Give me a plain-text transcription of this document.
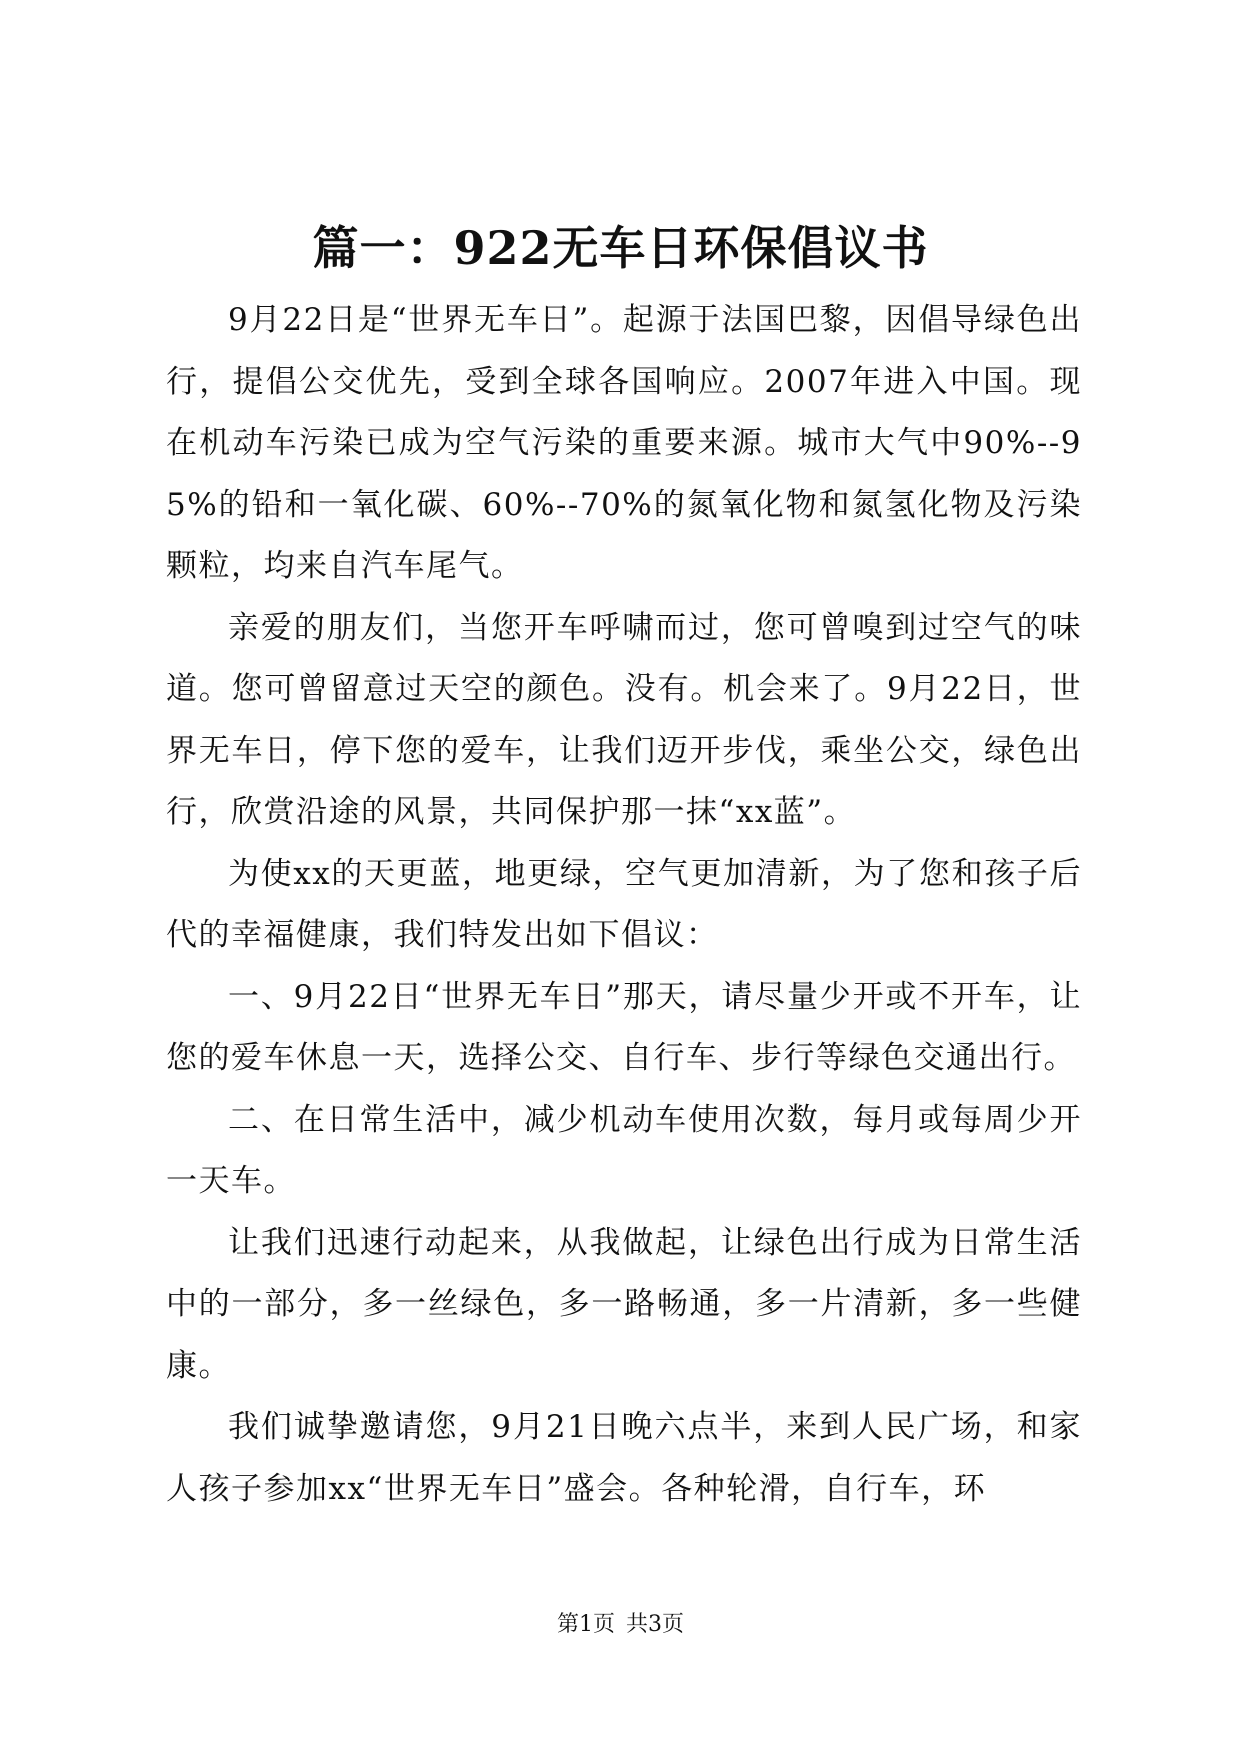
篇一：922无车日环保倡议书

9月22日是“世界无车日”。起源于法国巴黎，因倡导绿色出行，提倡公交优先，受到全球各国响应。2007年进入中国。现在机动车污染已成为空气污染的重要来源。城市大气中90%--95%的铅和一氧化碳、60%--70%的氮氧化物和氮氢化物及污染颗粒，均来自汽车尾气。

亲爱的朋友们，当您开车呼啸而过，您可曾嗅到过空气的味道。您可曾留意过天空的颜色。没有。机会来了。9月22日，世界无车日，停下您的爱车，让我们迈开步伐，乘坐公交，绿色出行，欣赏沿途的风景，共同保护那一抹“xx蓝”。

为使xx的天更蓝，地更绿，空气更加清新，为了您和孩子后代的幸福健康，我们特发出如下倡议：

一、9月22日“世界无车日”那天，请尽量少开或不开车，让您的爱车休息一天，选择公交、自行车、步行等绿色交通出行。

二、在日常生活中，减少机动车使用次数，每月或每周少开一天车。

让我们迅速行动起来，从我做起，让绿色出行成为日常生活中的一部分，多一丝绿色，多一路畅通，多一片清新，多一些健康。

我们诚挚邀请您，9月21日晚六点半，来到人民广场，和家人孩子参加xx“世界无车日”盛会。各种轮滑，自行车，环

第1页 共3页
